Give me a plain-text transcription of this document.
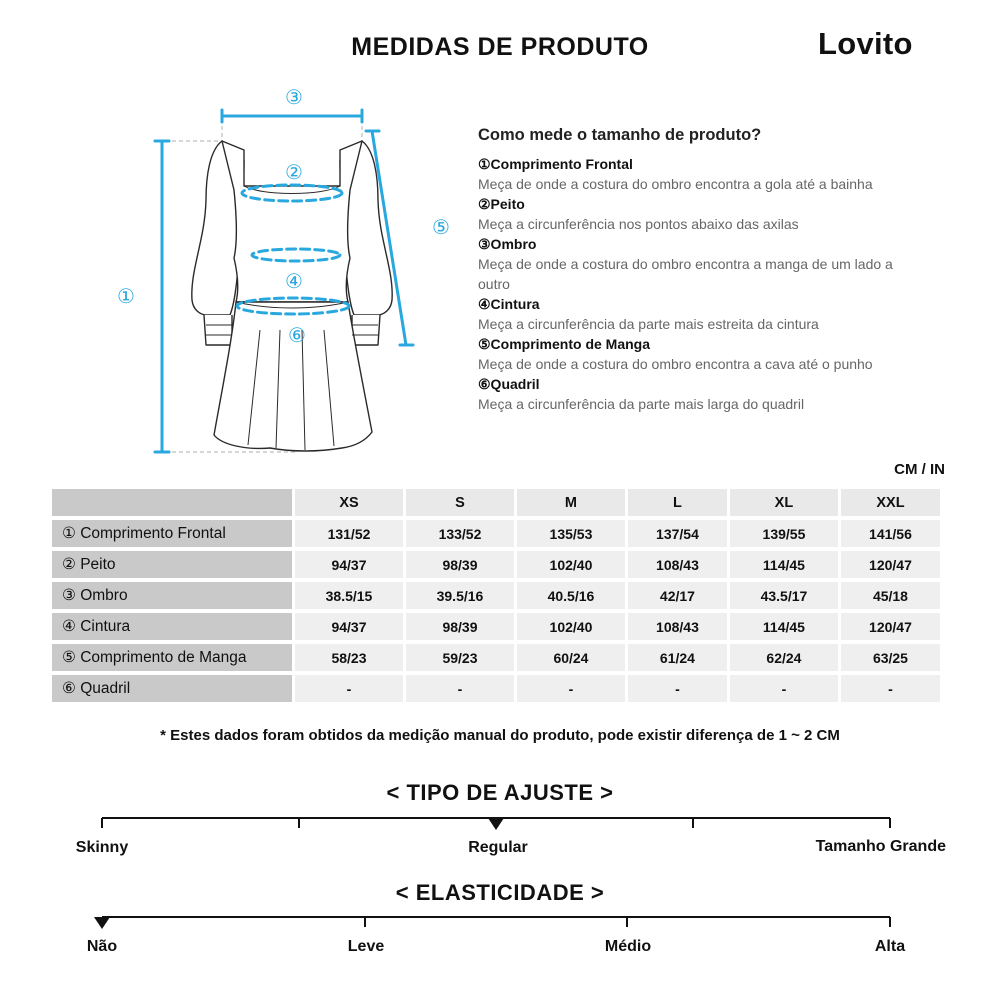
MEDIDAS DE PRODUTO	Lovito
①
②
③
④
⑤
⑥
Como mede o tamanho de produto?
①Comprimento Frontal
Meça de onde a costura do ombro encontra a gola até a bainha
②Peito
Meça a circunferência nos pontos abaixo das axilas
③Ombro
Meça de onde a costura do ombro encontra a manga de um lado a outro
④Cintura
Meça a circunferência da parte mais estreita da cintura
⑤Comprimento de Manga
Meça de onde a costura do ombro encontra a cava até o punho
⑥Quadril
Meça a circunferência da parte mais larga do quadril
CM / IN
	XS	S	M	L	XL	XXL
① Comprimento Frontal	131/52	133/52	135/53	137/54	139/55	141/56
② Peito	94/37	98/39	102/40	108/43	114/45	120/47
③ Ombro	38.5/15	39.5/16	40.5/16	42/17	43.5/17	45/18
④ Cintura	94/37	98/39	102/40	108/43	114/45	120/47
⑤ Comprimento de Manga	58/23	59/23	60/24	61/24	62/24	63/25
⑥ Quadril	-	-	-	-	-	-
* Estes dados foram obtidos da medição manual do produto, pode existir diferença de 1 ~ 2 CM
< TIPO DE AJUSTE >
Skinny	Regular	Tamanho Grande
< ELASTICIDADE >
Não	Leve	Médio	Alta
